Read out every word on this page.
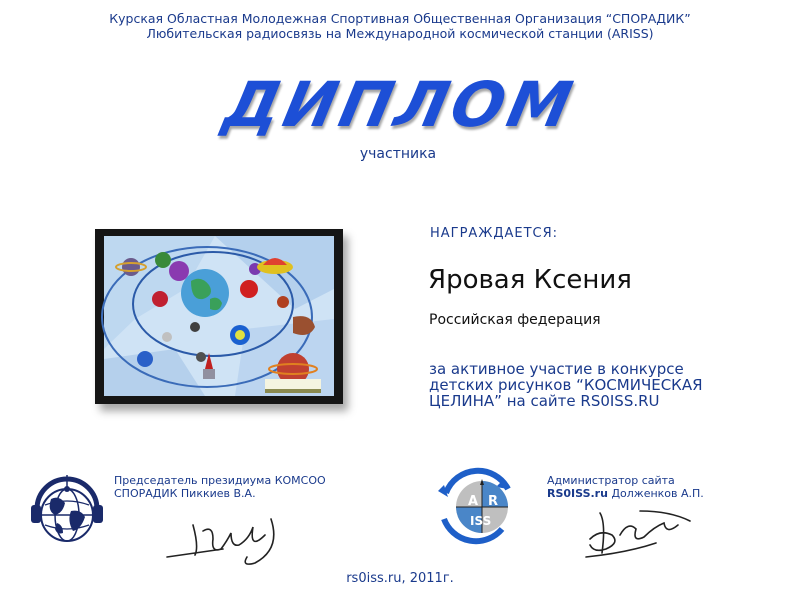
Курская Областная Молодежная Спортивная Общественная Организация “СПОРАДИК”
Любительская радиосвязь на Международной космической станции (ARISS)
ДИПЛОМ
участника
НАГРАЖДАЕТСЯ:
Яровая Ксения
Российская федерация
за активное участие в конкурсе
детских рисунков “КОСМИЧЕСКАЯ
ЦЕЛИНА” на сайте RS0ISS.RU
Председатель президиума КОМСОО
СПОРАДИК Пиккиев В.А.
A R
ISS
Администратор сайта
RS0ISS.ru Долженков А.П.
rs0iss.ru, 2011г.
